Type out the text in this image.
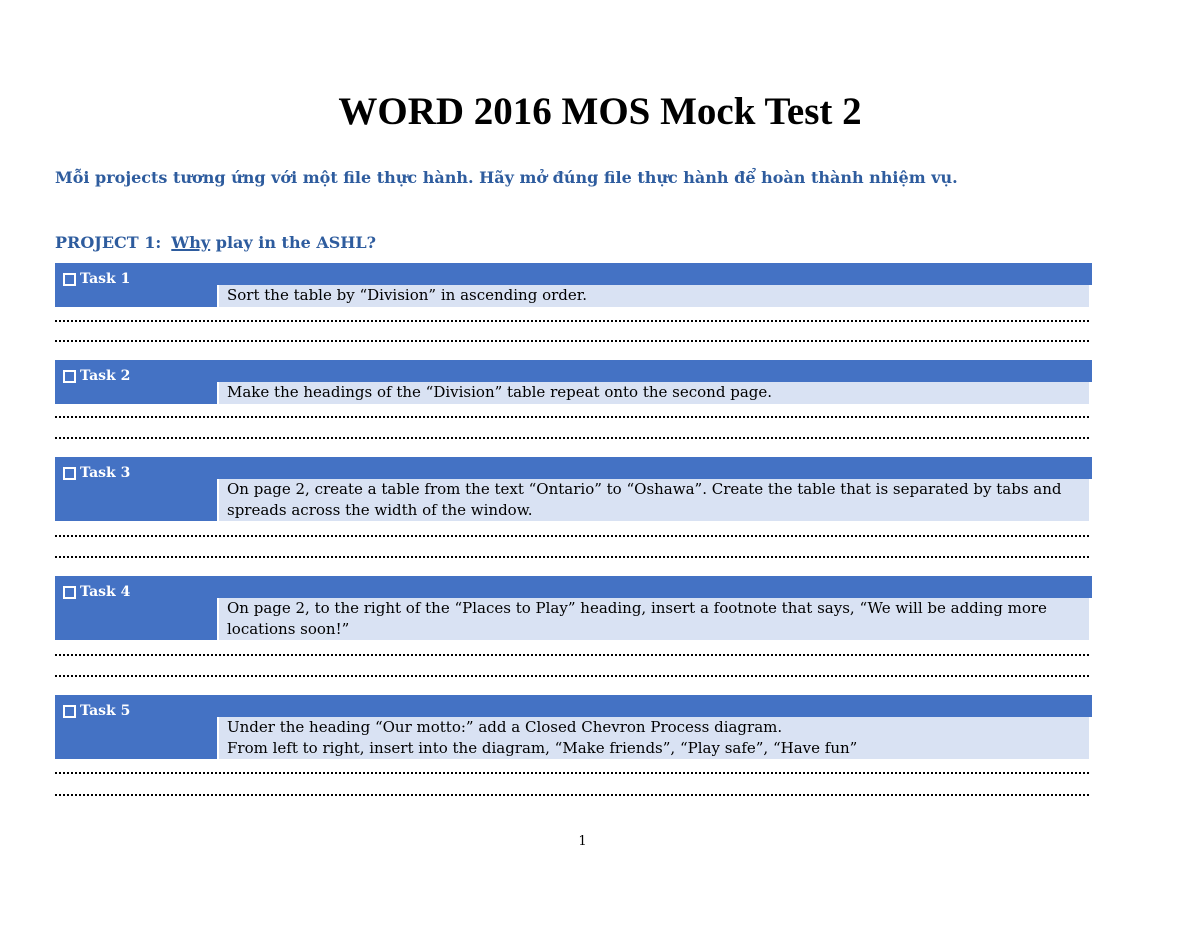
WORD 2016 MOS Mock Test 2
Mỗi projects tương ứng với một file thực hành. Hãy mở đúng file thực hành để hoàn thành nhiệm vụ.
PROJECT 1: Why play in the ASHL?
Task 1
Sort the table by “Division” in ascending order.
Task 2
Make the headings of the “Division” table repeat onto the second page.
Task 3
On page 2, create a table from the text “Ontario” to “Oshawa”. Create the table that is separated by tabs and
spreads across the width of the window.
Task 4
On page 2, to the right of the “Places to Play” heading, insert a footnote that says, “We will be adding more
locations soon!”
Task 5
Under the heading “Our motto:” add a Closed Chevron Process diagram.
From left to right, insert into the diagram, “Make friends”, “Play safe”, “Have fun”
1
